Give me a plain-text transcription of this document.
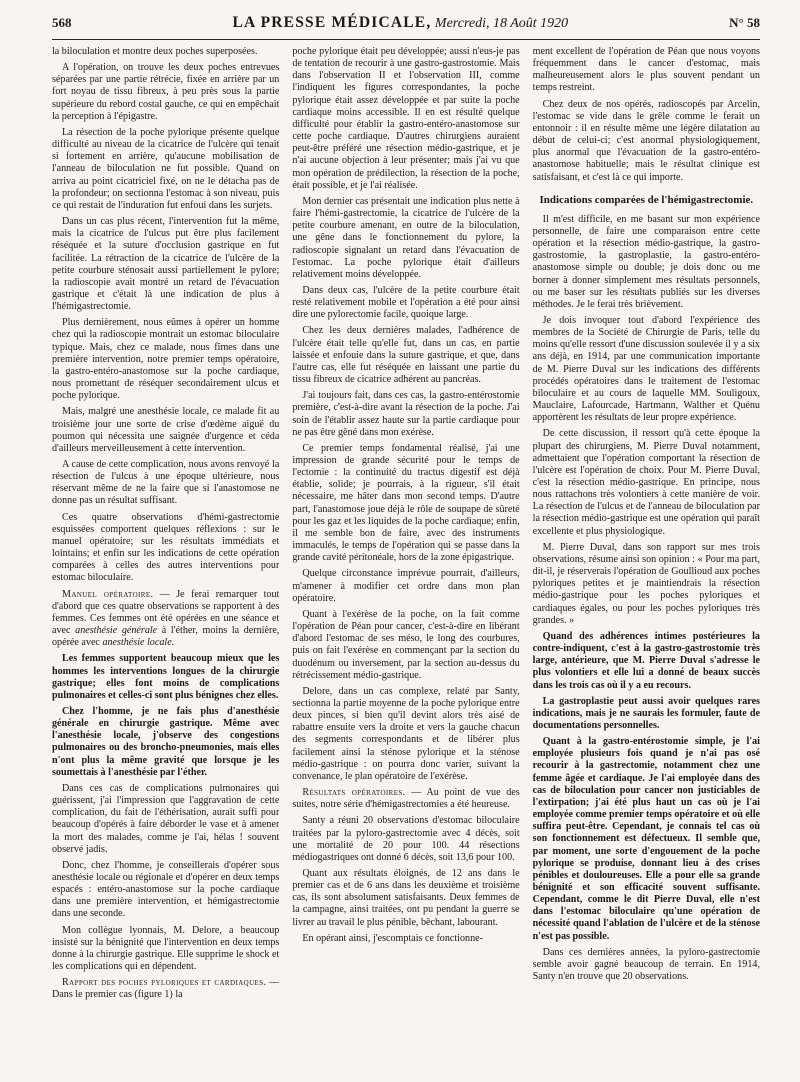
568	LA PRESSE MÉDICALE, Mercredi, 18 Août 1920	N° 58

la biloculation et montre deux poches superposées.

A l'opération, on trouve les deux poches entrevues séparées par une partie rétrécie, fixée en arrière par un fort noyau de tissu fibreux, à peu près sous la partie supérieure du rebord costal gauche, ce qui en empêchait la perception à l'épigastre.

La résection de la poche pylorique présente quelque difficulté au niveau de la cicatrice de l'ulcère qui tenait si fortement en arrière, qu'aucune mobilisation de l'anneau de biloculation ne fut possible. Quand on arriva au point cicatriciel fixé, on ne le détacha pas de la profondeur; on sectionna l'estomac à son niveau, puis ce qui restait de l'induration fut enfoui dans les surjets.

Dans un cas plus récent, l'intervention fut la même, mais la cicatrice de l'ulcus put être plus facilement réséquée et la suture d'occlusion gastrique en fut facilitée. La rétraction de la cicatrice de l'ulcère de la petite courbure sténosait aussi partiellement le pylore; la radioscopie avait montré un retard de l'évacuation gastrique et c'était là une indication de plus à l'hémigastrectomie.

Plus dernièrement, nous eûmes à opérer un homme chez qui la radioscopie montrait un estomac biloculaire typique. Mais, chez ce malade, nous fîmes dans une première intervention, notre premier temps opératoire, la gastro-entéro-anastomose sur la poche cardiaque, nous promettant de réséquer secondairement ulcus et poche pylorique.

Mais, malgré une anesthésie locale, ce malade fit au troisième jour une sorte de crise d'œdème aiguë du poumon qui nécessita une saignée d'urgence et céda d'ailleurs merveilleusement à cette intervention.

A cause de cette complication, nous avons renvoyé la résection de l'ulcus à une époque ultérieure, nous réservant même de ne la faire que si l'anastomose ne donne pas un résultat suffisant.

Ces quatre observations d'hémi-gastrectomie esquissées comportent quelques réflexions : sur le manuel opératoire; sur les résultats immédiats et lointains; et enfin sur les indications de cette opération comparées à celles des autres interventions pour estomac biloculaire.

Manuel opératoire. — Je ferai remarquer tout d'abord que ces quatre observations se rapportent à des femmes. Ces femmes ont été opérées en une séance et avec anesthésie générale à l'éther, moins la dernière, opérée avec anesthésie locale.

Les femmes supportent beaucoup mieux que les hommes les interventions longues de la chirurgie gastrique; elles font moins de complications pulmonaires et celles-ci sont plus bénignes chez elles.

Chez l'homme, je ne fais plus d'anesthésie générale en chirurgie gastrique. Même avec l'anesthésie locale, j'observe des congestions pulmonaires ou des broncho-pneumonies, mais elles n'ont plus la même gravité que lorsque je les soumettais à l'anesthésie par l'éther.

Dans ces cas de complications pulmonaires qui guérissent, j'ai l'impression que l'aggravation de cette complication, du fait de l'éthérisation, aurait suffi pour beaucoup d'opérés à faire déborder le vase et à amener la mort des malades, comme je l'ai, hélas ! souvent observé jadis.

Donc, chez l'homme, je conseillerais d'opérer sous anesthésie locale ou régionale et d'opérer en deux temps espacés : entéro-anastomose sur la poche cardiaque dans une première intervention, et hémigastrectomie dans une seconde.

Mon collègue lyonnais, M. Delore, a beaucoup insisté sur la bénignité que l'intervention en deux temps donne à la chirurgie gastrique. Elle supprime le shock et les complications qui en dépendent.

Rapport des poches pyloriques et cardiaques. — Dans le premier cas (figure 1) la

poche pylorique était peu développée; aussi n'eus-je pas de tentation de recourir à une gastro-gastrostomie. Mais dans l'observation II et l'observation III, comme l'indiquent les figures correspondantes, la poche pylorique était assez développée et par suite la poche cardiaque moins accessible. Il en est résulté quelque difficulté pour établir la gastro-entéro-anastomose sur cette poche cardiaque. D'autres chirurgiens auraient peut-être préféré une résection médio-gastrique, et je n'ai aucune objection à leur présenter; mais j'ai vu que mon opération de prédilection, la résection de la poche, était possible, et je l'ai réalisée.

Mon dernier cas présentait une indication plus nette à faire l'hémi-gastrectomie, la cicatrice de l'ulcère de la petite courbure amenant, en outre de la biloculation, une gêne dans le fonctionnement du pylore, la radioscopie signalant un retard dans l'évacuation de l'estomac. La poche pylorique était d'ailleurs relativement moins développée.

Dans deux cas, l'ulcère de la petite courbure était resté relativement mobile et l'opération a été pour ainsi dire une pylorectomie facile, quoique large.

Chez les deux dernières malades, l'adhérence de l'ulcère était telle qu'elle fut, dans un cas, en partie laissée et enfouie dans la suture gastrique, et que, dans l'autre cas, elle fut réséquée en laissant une partie du tissu fibreux de cicatrice adhérent au pancréas.

J'ai toujours fait, dans ces cas, la gastro-entérostomie première, c'est-à-dire avant la résection de la poche. J'ai soin de l'établir assez haute sur la partie cardiaque pour ne pas être gêné dans mon exérèse.

Ce premier temps fondamental réalisé, j'ai une impression de grande sécurité pour le temps de l'ectomie : la continuité du tractus digestif est déjà établie, solide; je pourrais, à la rigueur, s'il était nécessaire, me hâter dans mon second temps. D'autre part, l'anastomose joue déjà le rôle de soupape de sûreté pour les gaz et les liquides de la poche cardiaque; enfin, il me semble bon de faire, avec des instruments immaculés, le temps de l'opération qui se passe dans la grande cavité péritonéale, hors de la zone épigastrique.

Quelque circonstance imprévue pourrait, d'ailleurs, m'amener à modifier cet ordre dans mon plan opératoire.

Quant à l'exérèse de la poche, on la fait comme l'opération de Péan pour cancer, c'est-à-dire en libérant d'abord l'estomac de ses méso, le long des courbures, puis on fait l'exérèse en commençant par la section du duodénum ou inversement, par la section au-dessus du rétrécissement médio-gastrique.

Delore, dans un cas complexe, relaté par Santy, sectionna la partie moyenne de la poche pylorique entre deux pinces, si bien qu'il devint alors très aisé de rabattre ensuite vers la droite et vers la gauche chacun des segments correspondants et de libérer plus facilement ainsi la sténose pylorique et la sténose médio-gastrique : on pourra donc varier, suivant la convenance, le plan opératoire de l'exérèse.

Résultats opératoires. — Au point de vue des suites, notre série d'hémigastrectomies a été heureuse.

Santy a réuni 20 observations d'estomac biloculaire traitées par la pyloro-gastrectomie avec 4 décès, soit une mortalité de 20 pour 100. 44 résections médiogastriques ont donné 6 décès, soit 13,6 pour 100.

Quant aux résultats éloignés, de 12 ans dans le premier cas et de 6 ans dans les deuxième et troisième cas, ils sont absolument satisfaisants. Deux femmes de la campagne, ainsi traitées, ont pu pendant la guerre se livrer au travail le plus pénible, bêchant, labourant.

En opérant ainsi, j'escomptais ce fonctionne-

ment excellent de l'opération de Péan que nous voyons fréquemment dans le cancer d'estomac, mais malheureusement alors le plus souvent pendant un temps restreint.

Chez deux de nos opérés, radioscopés par Arcelin, l'estomac se vide dans le grêle comme le ferait un entonnoir : il en résulte même une légère dilatation au début de celui-ci; c'est anormal physiologiquement, plus anormal que l'évacuation de la gastro-entéro-anastomose habituelle; mais le résultat clinique est satisfaisant, et c'est là ce qui importe.

Indications comparées de l'hémigastrectomie.

Il m'est difficile, en me basant sur mon expérience personnelle, de faire une comparaison entre cette opération et la résection médio-gastrique, la gastro-gastrostomie, la gastroplastie, la gastro-entéro-anastomose simple ou double; je dois donc ou me borner à donner simplement mes résultats personnels, ou me baser sur les résultats publiés sur les diverses méthodes. Je le ferai très brièvement.

Je dois invoquer tout d'abord l'expérience des membres de la Société de Chirurgie de Paris, telle du moins qu'elle ressort d'une discussion soulevée il y a six ans déjà, en 1914, par une communication importante de M. Pierre Duval sur les indications des différents procédés opératoires dans le traitement de l'estomac biloculaire et au cours de laquelle MM. Souligoux, Mauclaire, Lafourcade, Hartmann, Walther et Quénu apportèrent les résultats de leur propre expérience.

De cette discussion, il ressort qu'à cette époque la plupart des chirurgiens, M. Pierre Duval notamment, admettaient que l'opération comportant la résection de l'ulcère est l'opération de choix. Pour M. Pierre Duval, c'est la résection médio-gastrique. En principe, nous nous rattachons très volontiers à cette manière de voir. La résection de l'ulcus et de l'anneau de biloculation par la résection médio-gastrique est une opération qui paraît excellente et plus physiologique.

M. Pierre Duval, dans son rapport sur mes trois observations, résume ainsi son opinion : « Pour ma part, dit-il, je réserverais l'opération de Goullioud aux poches pyloriques petites et je maintiendrais la résection médio-gastrique pour les poches pyloriques et cardiaques égales, ou pour les poches pyloriques très grandes. »

Quand des adhérences intimes postérieures la contre-indiquent, c'est à la gastro-gastrostomie très large, antérieure, que M. Pierre Duval s'adresse le plus volontiers et elle lui a donné de beaux succès dans les trois cas où il y a eu recours.

La gastroplastie peut aussi avoir quelques rares indications, mais je ne saurais les formuler, faute de documentations personnelles.

Quant à la gastro-entérostomie simple, je l'ai employée plusieurs fois quand je n'ai pas osé recourir à la gastrectomie, notamment chez une femme âgée et cardiaque. Je l'ai employée dans des cas de biloculation pour cancer non justiciables de l'extirpation; j'ai été plus haut un cas où je l'ai employée comme premier temps opératoire et où elle suffira peut-être. Cependant, je connais tel cas où son fonctionnement est défectueux. Il semble que, par moment, une sorte d'engouement de la poche pylorique se produise, donnant lieu à des crises pénibles et douloureuses. Elle a pour elle sa grande bénignité et son efficacité souvent suffisante. Cependant, comme le dit Pierre Duval, elle n'est dans l'estomac biloculaire qu'une opération de nécessité quand l'ablation de l'ulcère et de la sténose n'est pas possible.

Dans ces dernières années, la pyloro-gastrectomie semble avoir gagné beaucoup de terrain. En 1914, Santy n'en trouve que 20 observations.
